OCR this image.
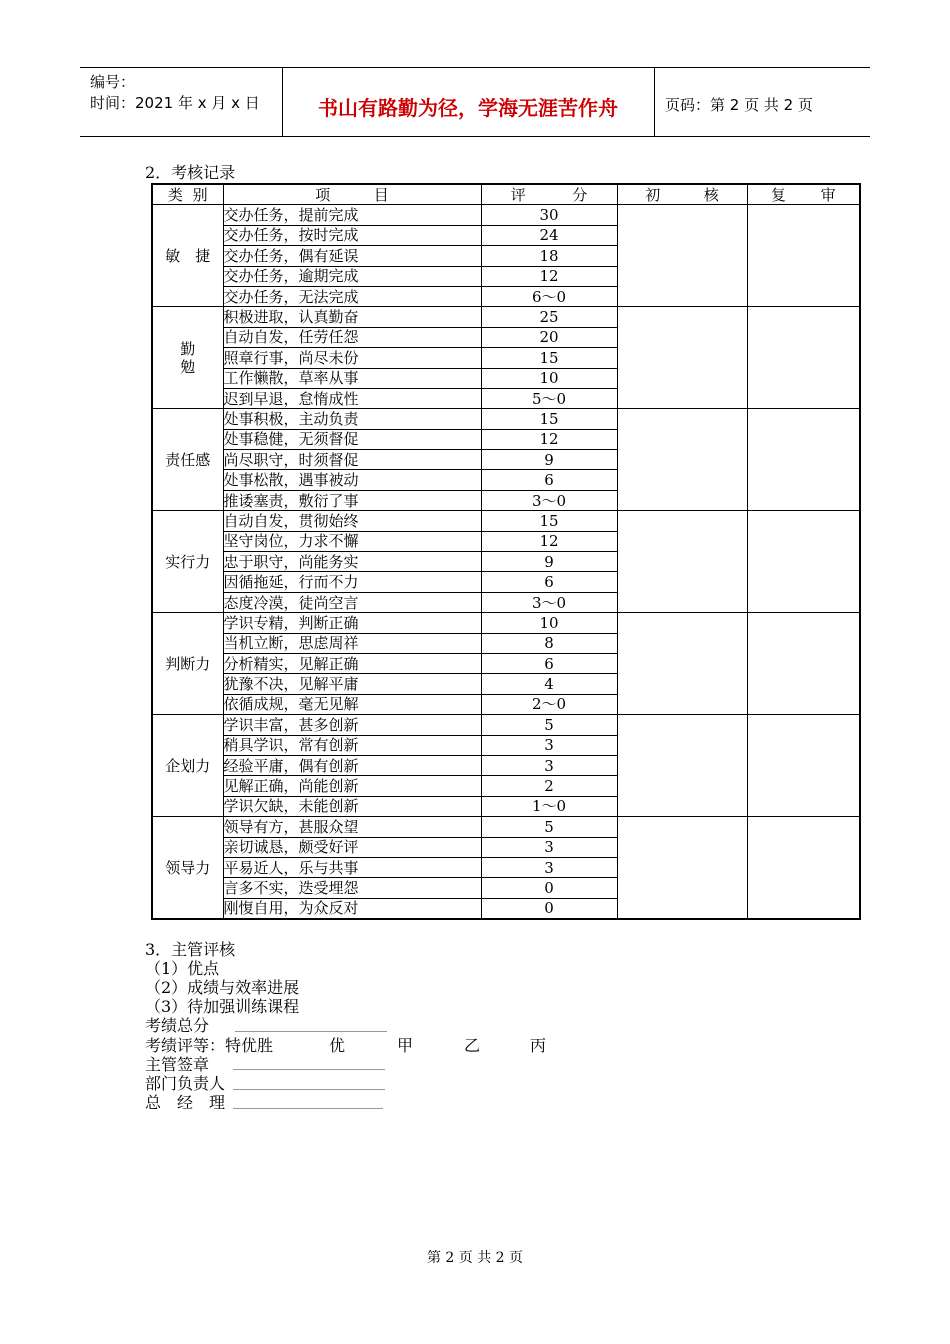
编号：
时间：2021 年 x 月 x 日	书山有路勤为径，学海无涯苦作舟	页码：第 2 页 共 2 页
2．考核记录
类 别	项 目	评 分	初 核	复 审

敏　捷	交办任务，提前完成	30		
	交办任务，按时完成	24		
	交办任务，偶有延误	18		
	交办任务，逾期完成	12		
	交办任务，无法完成	6～0		
勤
勉	积极进取，认真勤奋	25		
	自动自发，任劳任怨	20		
	照章行事，尚尽未份	15		
	工作懒散，草率从事	10		
	迟到早退，怠惰成性	5～0		
责任感	处事积极，主动负责	15		
	处事稳健，无须督促	12		
	尚尽职守，时须督促	9		
	处事松散，遇事被动	6		
	推诿塞责，敷衍了事	3～0		
实行力	自动自发，贯彻始终	15		
	坚守岗位，力求不懈	12		
	忠于职守，尚能务实	9		
	因循拖延，行而不力	6		
	态度冷漠，徒尚空言	3～0		
判断力	学识专精，判断正确	10		
	当机立断，思虑周祥	8		
	分析精实，见解正确	6		
	犹豫不决，见解平庸	4		
	依循成规，毫无见解	2～0		
企划力	学识丰富，甚多创新	5		
	稍具学识，常有创新	3		
	经验平庸，偶有创新	3		
	见解正确，尚能创新	2		
	学识欠缺，未能创新	1～0		
领导力	领导有方，甚服众望	5		
	亲切诚恳，颇受好评	3		
	平易近人，乐与共事	3		
	言多不实，迭受埋怨	0		
	刚愎自用，为众反对	0		
3．主管评核
（1）优点
（2）成绩与效率进展
（3）待加强训练课程
考绩总分
考绩评等：特优胜	优	甲	乙	丙
主管签章
部门负责人
总　经　理
第 2 页 共 2 页
